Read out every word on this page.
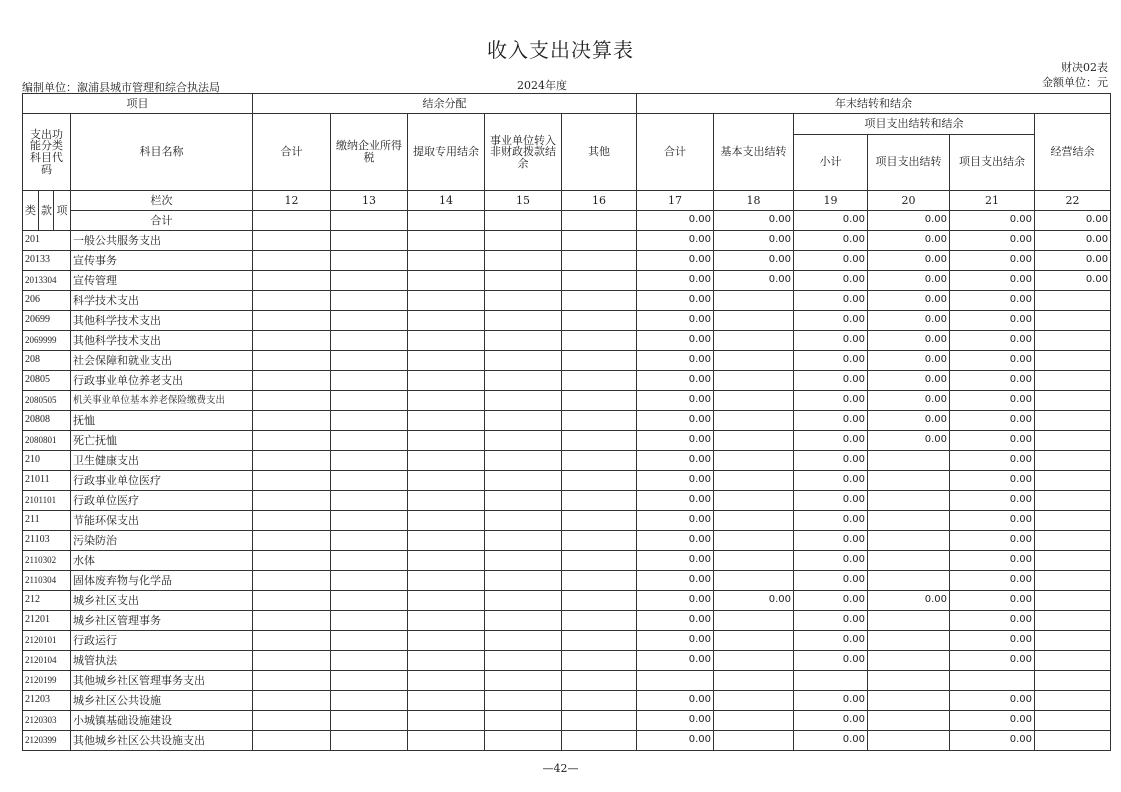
收入支出决算表
财决02表
编制单位：溆浦县城市管理和综合执法局	2024年度	金额单位：元
项目				结余分配					年末结转和结余					
支出功能分类科目代码			科目名称	合计	缴纳企业所得税	提取专用结余	事业单位转入非财政拨款结余	其他	合计	基本支出结转	项目支出结转和结余			经营结余
											小计	项目支出结转	项目支出结余	
类	款	项	栏次	12	13	14	15	16	17	18	19	20	21	22
			合计						0.00	0.00	0.00	0.00	0.00	0.00
201			一般公共服务支出						0.00	0.00	0.00	0.00	0.00	0.00
20133			宣传事务						0.00	0.00	0.00	0.00	0.00	0.00
2013304			宣传管理						0.00	0.00	0.00	0.00	0.00	0.00
206			科学技术支出						0.00		0.00	0.00	0.00	
20699			其他科学技术支出						0.00		0.00	0.00	0.00	
2069999			其他科学技术支出						0.00		0.00	0.00	0.00	
208			社会保障和就业支出						0.00		0.00	0.00	0.00	
20805			行政事业单位养老支出						0.00		0.00	0.00	0.00	
2080505			机关事业单位基本养老保险缴费支出						0.00		0.00	0.00	0.00	
20808			抚恤						0.00		0.00	0.00	0.00	
2080801			死亡抚恤						0.00		0.00	0.00	0.00	
210			卫生健康支出						0.00		0.00		0.00	
21011			行政事业单位医疗						0.00		0.00		0.00	
2101101			行政单位医疗						0.00		0.00		0.00	
211			节能环保支出						0.00		0.00		0.00	
21103			污染防治						0.00		0.00		0.00	
2110302			水体						0.00		0.00		0.00	
2110304			固体废弃物与化学品						0.00		0.00		0.00	
212			城乡社区支出						0.00	0.00	0.00	0.00	0.00	
21201			城乡社区管理事务						0.00		0.00		0.00	
2120101			行政运行						0.00		0.00		0.00	
2120104			城管执法						0.00		0.00		0.00	
2120199			其他城乡社区管理事务支出											
21203			城乡社区公共设施						0.00		0.00		0.00	
2120303			小城镇基础设施建设						0.00		0.00		0.00	
2120399			其他城乡社区公共设施支出						0.00		0.00		0.00	
—42—
